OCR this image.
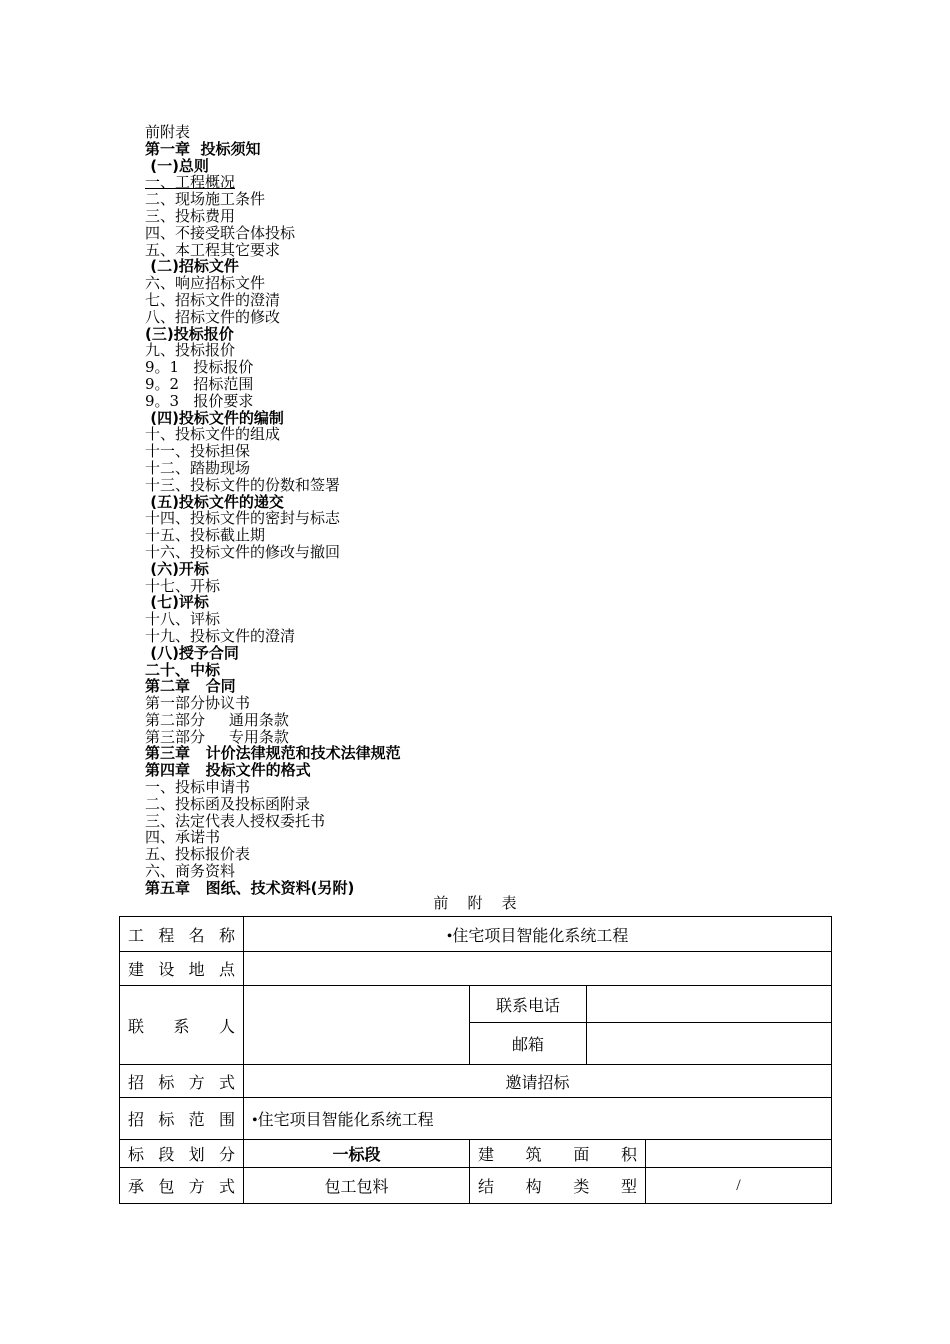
前附表
第一章  投标须知
(一)总则
一、工程概况
二、现场施工条件
三、投标费用
四、不接受联合体投标
五、本工程其它要求
(二)招标文件
六、响应招标文件
七、招标文件的澄清
八、招标文件的修改
(三)投标报价
九、投标报价
9。1   投标报价
9。2   招标范围
9。3   报价要求
(四)投标文件的编制
十、投标文件的组成
十一、投标担保
十二、踏勘现场
十三、投标文件的份数和签署
(五)投标文件的递交
十四、投标文件的密封与标志
十五、投标截止期
十六、投标文件的修改与撤回
(六)开标
十七、开标
(七)评标
十八、评标
十九、投标文件的澄清
(八)授予合同
二十、中标
第二章   合同
第一部分协议书
第二部分     通用条款
第三部分     专用条款
第三章   计价法律规范和技术法律规范
第四章   投标文件的格式
一、投标申请书
二、投标函及投标函附录
三、法定代表人授权委托书
四、承诺书
五、投标报价表
六、商务资料
第五章   图纸、技术资料(另附)
前    附    表
工 程 名 称	•住宅项目智能化系统工程			

建 设 地 点				

联 系 人		联系电话		
		邮箱		

招 标 方 式	邀请招标			

招 标 范 围	•住宅项目智能化系统工程			

标 段 划 分	一标段	建 筑 面 积		

承 包 方 式	包工包料	结 构 类 型		/
